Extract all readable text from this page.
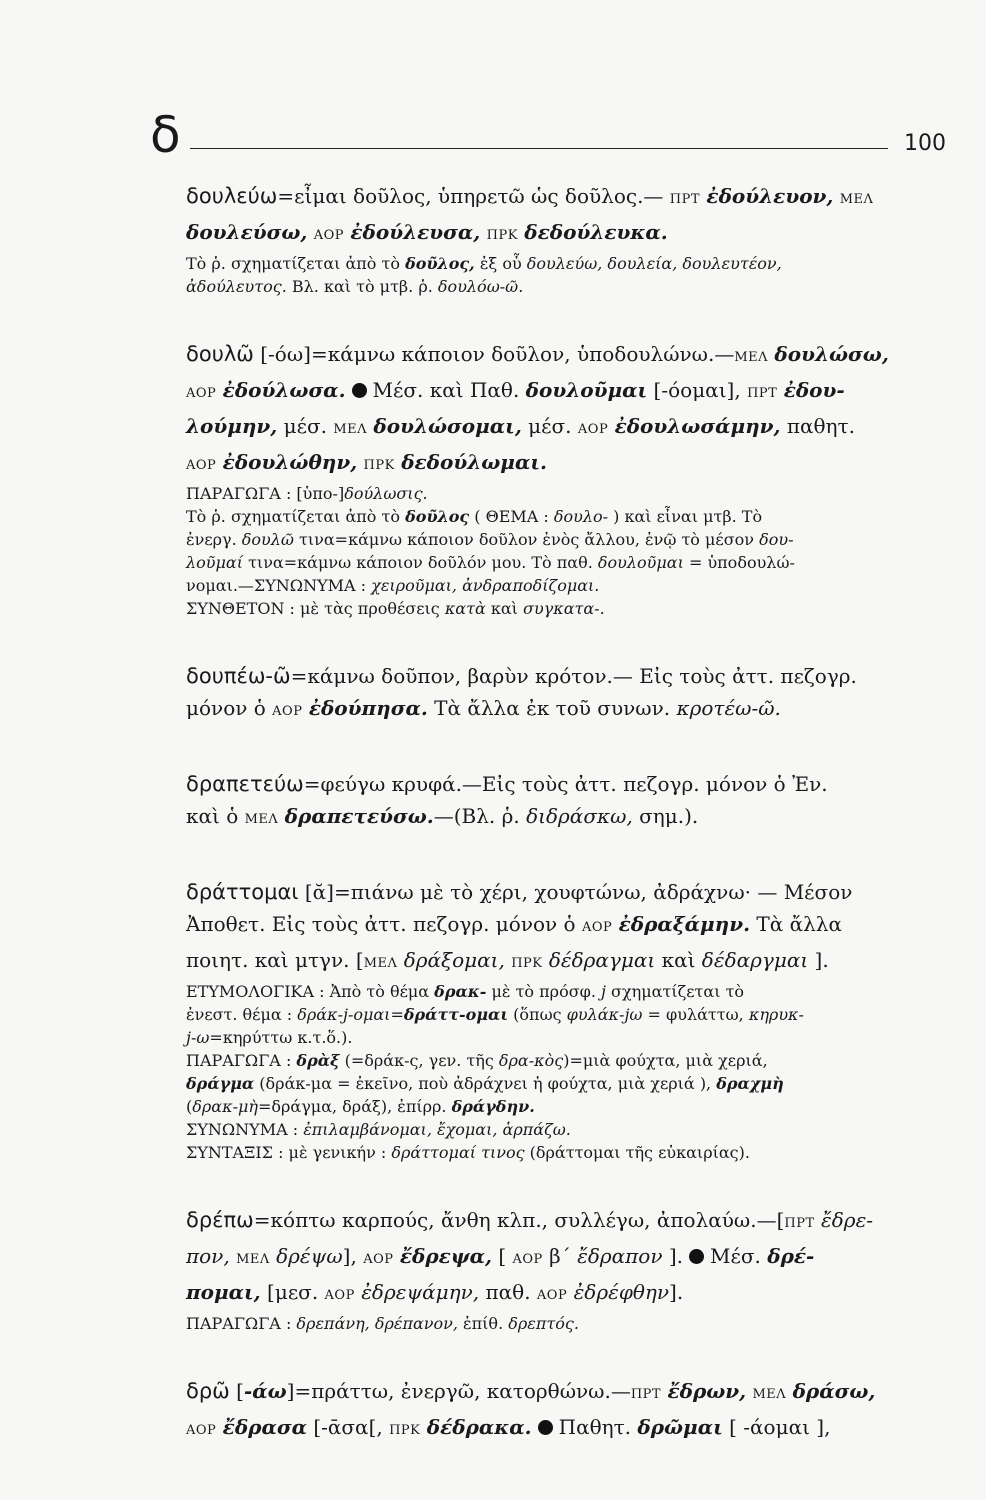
δ	100
δουλεύω=εἶμαι δοῦλος, ὑπηρετῶ ὡς δοῦλος.— ΠΡΤ ἐδούλευον, ΜΕΛ
δουλεύσω, ΑΟΡ ἐδούλευσα, ΠΡΚ δεδούλευκα.
Τὸ ῥ. σχηματίζεται ἀπὸ τὸ δοῦλος, ἐξ οὗ δουλεύω, δουλεία, δουλευτέον,
ἀδούλευτος. Βλ. καὶ τὸ μτβ. ῥ. δουλόω-ῶ.
δουλῶ [-όω]=κάμνω κάποιον δοῦλον, ὑποδουλώνω.—ΜΕΛ δουλώσω,
ΑΟΡ ἐδούλωσα. Μέσ. καὶ Παθ. δουλοῦμαι [-όομαι], ΠΡΤ ἐδου-
λούμην, μέσ. ΜΕΛ δουλώσομαι, μέσ. ΑΟΡ ἐδουλωσάμην, παθητ.
ΑΟΡ ἐδουλώθην, ΠΡΚ δεδούλωμαι.
ΠΑΡΑΓΩΓΑ : [ὑπο-]δούλωσις.
Τὸ ῥ. σχηματίζεται ἀπὸ τὸ δοῦλος ( ΘΕΜΑ : δουλο- ) καὶ εἶναι μτβ. Τὸ
ἐνεργ. δουλῶ τινα=κάμνω κάποιον δοῦλον ἑνὸς ἄλλου, ἐνῷ τὸ μέσον δου-
λοῦμαί τινα=κάμνω κάποιον δοῦλόν μου. Τὸ παθ. δουλοῦμαι = ὑποδουλώ-
νομαι.—ΣΥΝΩΝΥΜΑ : χειροῦμαι, ἀνδραποδίζομαι.
ΣΥΝΘΕΤΟΝ : μὲ τὰς προθέσεις κατὰ καὶ συγκατα-.
δουπέω-ῶ=κάμνω δοῦπον, βαρὺν κρότον.— Εἰς τοὺς ἀττ. πεζογρ.
μόνον ὁ ΑΟΡ ἐδούπησα. Τὰ ἄλλα ἐκ τοῦ συνων. κροτέω-ῶ.
δραπετεύω=φεύγω κρυφά.—Εἰς τοὺς ἀττ. πεζογρ. μόνον ὁ Ἐν.
καὶ ὁ ΜΕΛ δραπετεύσω.—(Βλ. ῥ. διδράσκω, σημ.).
δράττομαι [ᾰ]=πιάνω μὲ τὸ χέρι, χουφτώνω, ἀδράχνω· — Μέσον
Ἀποθετ. Εἰς τοὺς ἀττ. πεζογρ. μόνον ὁ ΑΟΡ ἐδραξάμην. Τὰ ἄλλα
ποιητ. καὶ μτγν. [ΜΕΛ δράξομαι, ΠΡΚ δέδραγμαι καὶ δέδαργμαι ].
ΕΤΥΜΟΛΟΓΙΚΑ : Ἀπὸ τὸ θέμα δρακ- μὲ τὸ πρόσφ. j σχηματίζεται τὸ
ἐνεστ. θέμα : δράκ-j-ομαι=δράττ-ομαι (ὅπως φυλάκ-jω = φυλάττω, κηρυκ-
j-ω=κηρύττω κ.τ.ὅ.).
ΠΑΡΑΓΩΓΑ : δρὰξ (=δράκ-ς, γεν. τῆς δρα-κὸς)=μιὰ φούχτα, μιὰ χεριά,
δράγμα (δράκ-μα = ἐκεῖνο, ποὺ ἀδράχνει ἡ φούχτα, μιὰ χεριά ), δραχμὴ
(δρακ-μὴ=δράγμα, δράξ), ἐπίρρ. δράγδην.
ΣΥΝΩΝΥΜΑ : ἐπιλαμβάνομαι, ἔχομαι, ἁρπάζω.
ΣΥΝΤΑΞΙΣ : μὲ γενικήν : δράττομαί τινος (δράττομαι τῆς εὐκαιρίας).
δρέπω=κόπτω καρπούς, ἄνθη κλπ., συλλέγω, ἀπολαύω.—[ΠΡΤ ἔδρε-
πον, ΜΕΛ δρέψω], ΑΟΡ ἔδρεψα, [ ΑΟΡ β΄ ἔδραπον ]. Μέσ. δρέ-
πομαι, [μεσ. ΑΟΡ ἐδρεψάμην, παθ. ΑΟΡ ἐδρέφθην].
ΠΑΡΑΓΩΓΑ : δρεπάνη, δρέπανον, ἐπίθ. δρεπτός.
δρῶ [-άω]=πράττω, ἐνεργῶ, κατορθώνω.—ΠΡΤ ἔδρων, ΜΕΛ δράσω,
ΑΟΡ ἔδρασα [-ᾱσα[, ΠΡΚ δέδρακα. Παθητ. δρῶμαι [ -άομαι ],
